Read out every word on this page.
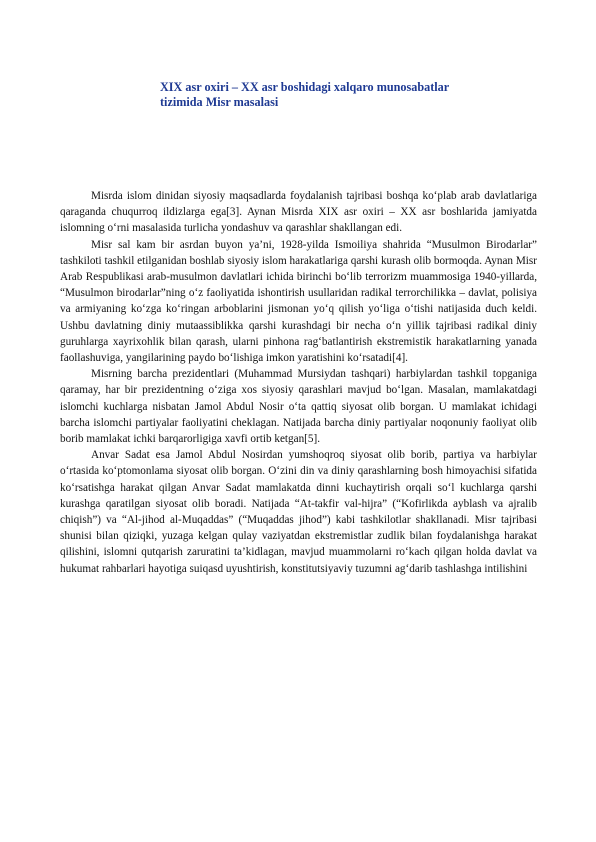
XIX asr oxiri – XX asr boshidagi xalqaro munosabatlar
tizimida Misr masalasi

Misrda islom dinidan siyosiy maqsadlarda foydalanish tajribasi boshqa ko‘plab arab davlatlariga qaraganda chuqurroq ildizlarga ega[3]. Aynan Misrda XIX asr oxiri – XX asr boshlarida jamiyatda islomning o‘rni masalasida turlicha yondashuv va qarashlar shakllangan edi.

Misr sal kam bir asrdan buyon ya’ni, 1928-yilda Ismoiliya shahrida “Musulmon Birodarlar” tashkiloti tashkil etilganidan boshlab siyosiy islom harakatlariga qarshi kurash olib bormoqda. Aynan Misr Arab Respublikasi arab-musulmon davlatlari ichida birinchi bo‘lib terrorizm muammosiga 1940-yillarda, “Musulmon birodarlar”ning o‘z faoliyatida ishontirish usullaridan radikal terrorchilikka – davlat, polisiya va armiyaning ko‘zga ko‘ringan arboblarini jismonan yo‘q qilish yo‘liga o‘tishi natijasida duch keldi. Ushbu davlatning diniy mutaassiblikka qarshi kurashdagi bir necha o‘n yillik tajribasi radikal diniy guruhlarga xayrixohlik bilan qarash, ularni pinhona rag‘batlantirish ekstremistik harakatlarning yanada faollashuviga, yangilarining paydo bo‘lishiga imkon yaratishini ko‘rsatadi[4].

Misrning barcha prezidentlari (Muhammad Mursiydan tashqari) harbiylardan tashkil topganiga qaramay, har bir prezidentning o‘ziga xos siyosiy qarashlari mavjud bo‘lgan. Masalan, mamlakatdagi islomchi kuchlarga nisbatan Jamol Abdul Nosir o‘ta qattiq siyosat olib borgan. U mamlakat ichidagi barcha islomchi partiyalar faoliyatini cheklagan. Natijada barcha diniy partiyalar noqonuniy faoliyat olib borib mamlakat ichki barqarorligiga xavfi ortib ketgan[5].

Anvar Sadat esa Jamol Abdul Nosirdan yumshoqroq siyosat olib borib, partiya va harbiylar o‘rtasida ko‘ptomonlama siyosat olib borgan. O‘zini din va diniy qarashlarning bosh himoyachisi sifatida ko‘rsatishga harakat qilgan Anvar Sadat mamlakatda dinni kuchaytirish orqali so‘l kuchlarga qarshi kurashga qaratilgan siyosat olib boradi. Natijada “At-takfir val-hijra” (“Kofirlikda ayblash va ajralib chiqish”) va “Al-jihod al-Muqaddas” (“Muqaddas jihod”) kabi tashkilotlar shakllanadi. Misr tajribasi shunisi bilan qiziqki, yuzaga kelgan qulay vaziyatdan ekstremistlar zudlik bilan foydalanishga harakat qilishini, islomni qutqarish zaruratini ta’kidlagan, mavjud muammolarni ro‘kach qilgan holda davlat va hukumat rahbarlari hayotiga suiqasd uyushtirish, konstitutsiyaviy tuzumni ag‘darib tashlashga intilishini
